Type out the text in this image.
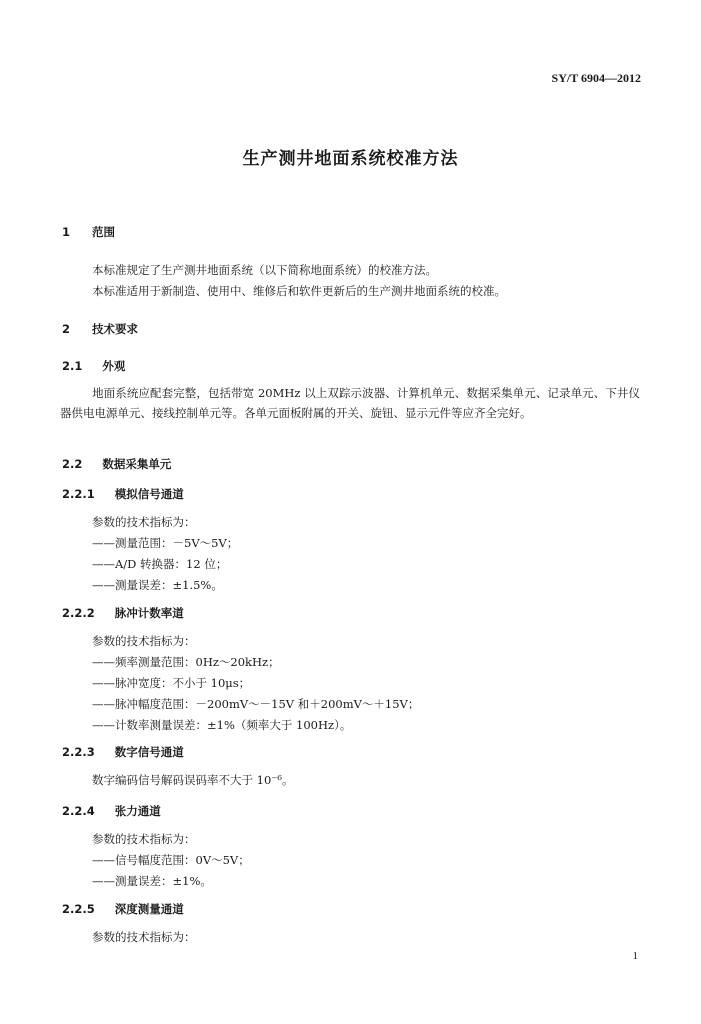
SY/T 6904—2012
生产测井地面系统校准方法
1 范围
本标准规定了生产测井地面系统（以下简称地面系统）的校准方法。
本标准适用于新制造、使用中、维修后和软件更新后的生产测井地面系统的校准。
2 技术要求
2.1 外观
地面系统应配套完整，包括带宽 20MHz 以上双踪示波器、计算机单元、数据采集单元、记录单元、下井仪器供电电源单元、接线控制单元等。各单元面板附属的开关、旋钮、显示元件等应齐全完好。
2.2 数据采集单元
2.2.1 模拟信号通道
参数的技术指标为：
——测量范围：－5V～5V；
——A/D 转换器：12 位；
——测量误差：±1.5%。
2.2.2 脉冲计数率道
参数的技术指标为：
——频率测量范围：0Hz～20kHz；
——脉冲宽度：不小于 10μs；
——脉冲幅度范围：－200mV～－15V 和＋200mV～＋15V；
——计数率测量误差：±1%（频率大于 100Hz）。
2.2.3 数字信号通道
数字编码信号解码误码率不大于 10⁻⁶。
2.2.4 张力通道
参数的技术指标为：
——信号幅度范围：0V～5V；
——测量误差：±1%。
2.2.5 深度测量通道
参数的技术指标为：
1
